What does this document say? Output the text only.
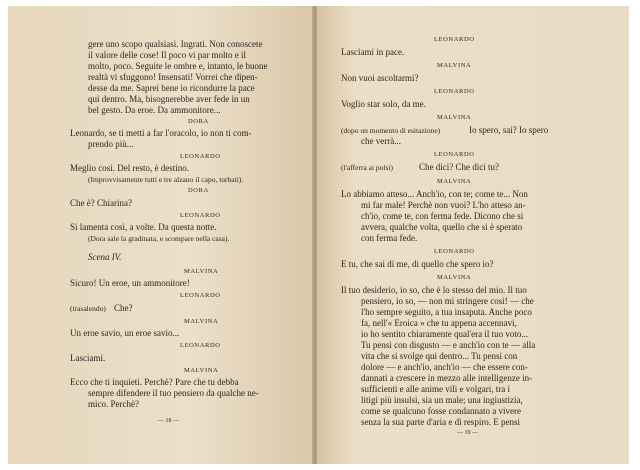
gere uno scopo qualsiasi. Ingrati. Non conoscete
il valore delle cose! Il poco vi par molto e il
molto, poco. Seguite le ombre e, intanto, le buone
realtà vi sfuggono! Insensati! Vorrei che dipen-
desse da me. Saprei bene io ricondurre la pace
qui dentro. Ma, bisognerebbe aver fede in un
bel gesto. Da eroe. Da ammonitore...
DORA
Leonardo, se ti metti a far l'oracolo, io non ti com-
prendo più...
LEONARDO
Meglio così. Del resto, è destino.
(Improvvisamente tutti e tre alzano il capo, turbati).
DORA
Che è? Chiarina?
LEONARDO
Si lamenta così, a volte. Da questa notte.
(Dora sale la gradinata, e scompare nella casa).
Scena IV.
MALVINA
Sicuro! Un eroe, un ammonitore!
LEONARDO
(trasalendo) Che?
MALVINA
Un eroe savio, un eroe savio...
LEONARDO
Lasciami.
MALVINA
Ecco che ti inquieti. Perchè? Pare che tu debba
sempre difendere il tuo pensiero da qualche ne-
mico. Perchè?
— 18 —
LEONARDO
Lasciami in pace.
MALVINA
Non vuoi ascoltarmi?
LEONARDO
Voglio star solo, da me.
MALVINA
(dopo un momento di esitazione)	Io spero, sai? Io spero
che verrà...
LEONARDO
(l'afferra ai polsi)	Che dici? Che dici tu?
MALVINA
Lo abbiamo atteso... Anch'io, con te; come te... Non
mi far male! Perchè non vuoi? L'ho atteso an-
ch'io, come te, con ferma fede. Dicono che si
avvera, qualche volta, quello che si è sperato
con ferma fede.
LEONARDO
E tu, che sai di me, di quello che spero io?
MALVINA
Il tuo desiderio, io so, che è lo stesso del mio. Il tuo
pensiero, io so, — non mi stringere così! — che
l'ho sempre seguito, a tua insaputa. Anche poco
fa, nell'« Eroica » che tu appena accennavi,
io ho sentito chiaramente qual'era il tuo voto...
Tu pensi con disgusto — e anch'io con te — alla
vita che si svolge qui dentro... Tu pensi con
dolore — e anch'io, anch'io — che essere con-
dannati a crescere in mezzo alle intelligenze in-
sufficienti e alle anime vili e volgari, tra i
litigi più insulsi, sia un male; una ingiustizia,
come se qualcuno fosse condannato a vivere
senza la sua parte d'aria e di respiro. E pensi
— 19 —
